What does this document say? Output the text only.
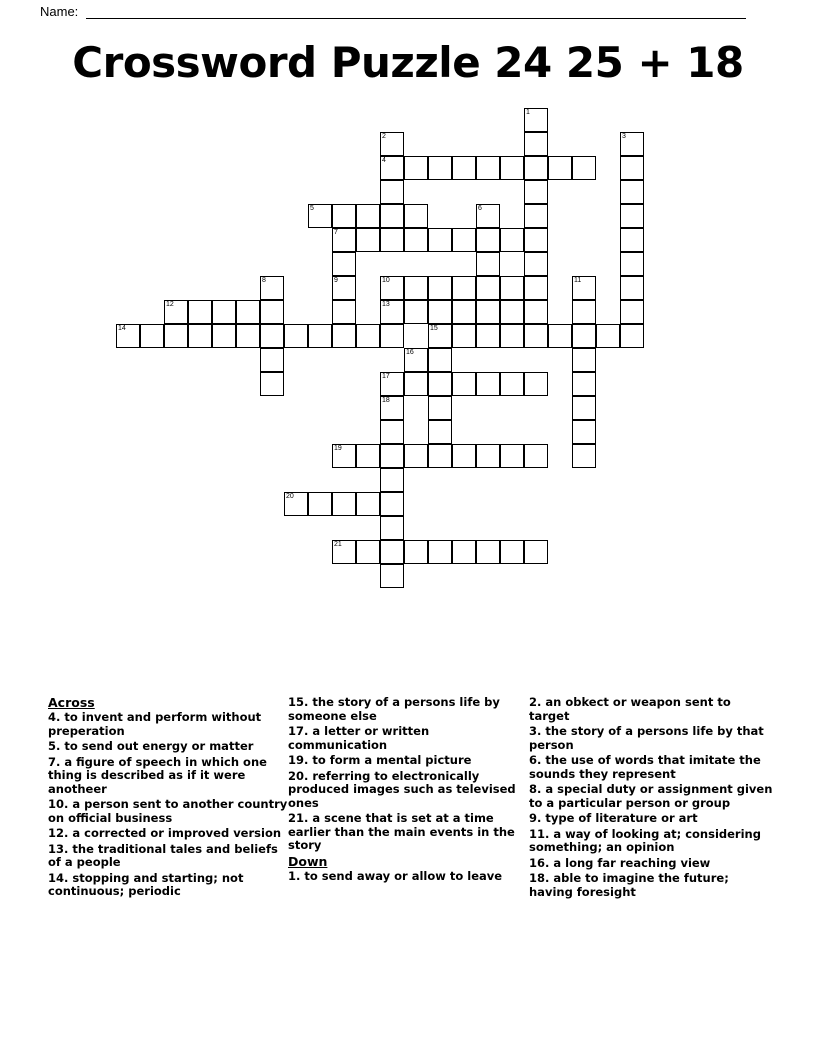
Name:
Crossword Puzzle 24 25 + 18
1
2	3
4
5	6
7
8	9	10	11
12	13
14	15
16
17
18
19
20
21
Across
4. to invent and perform without preperation
5. to send out energy or matter
7. a figure of speech in which one thing is described as if it were anotheer
10. a person sent to another country on official business
12. a corrected or improved version
13. the traditional tales and beliefs of a people
14. stopping and starting; not continuous; periodic
15. the story of a persons life by someone else
17. a letter or written communication
19. to form a mental picture
20. referring to electronically produced images such as televised ones
21. a scene that is set at a time earlier than the main events in the story
Down
1. to send away or allow to leave
2. an obkect or weapon sent to target
3. the story of a persons life by that person
6. the use of words that imitate the sounds they represent
8. a special duty or assignment given to a particular person or group
9. type of literature or art
11. a way of looking at; considering something; an opinion
16. a long far reaching view
18. able to imagine the future; having foresight
